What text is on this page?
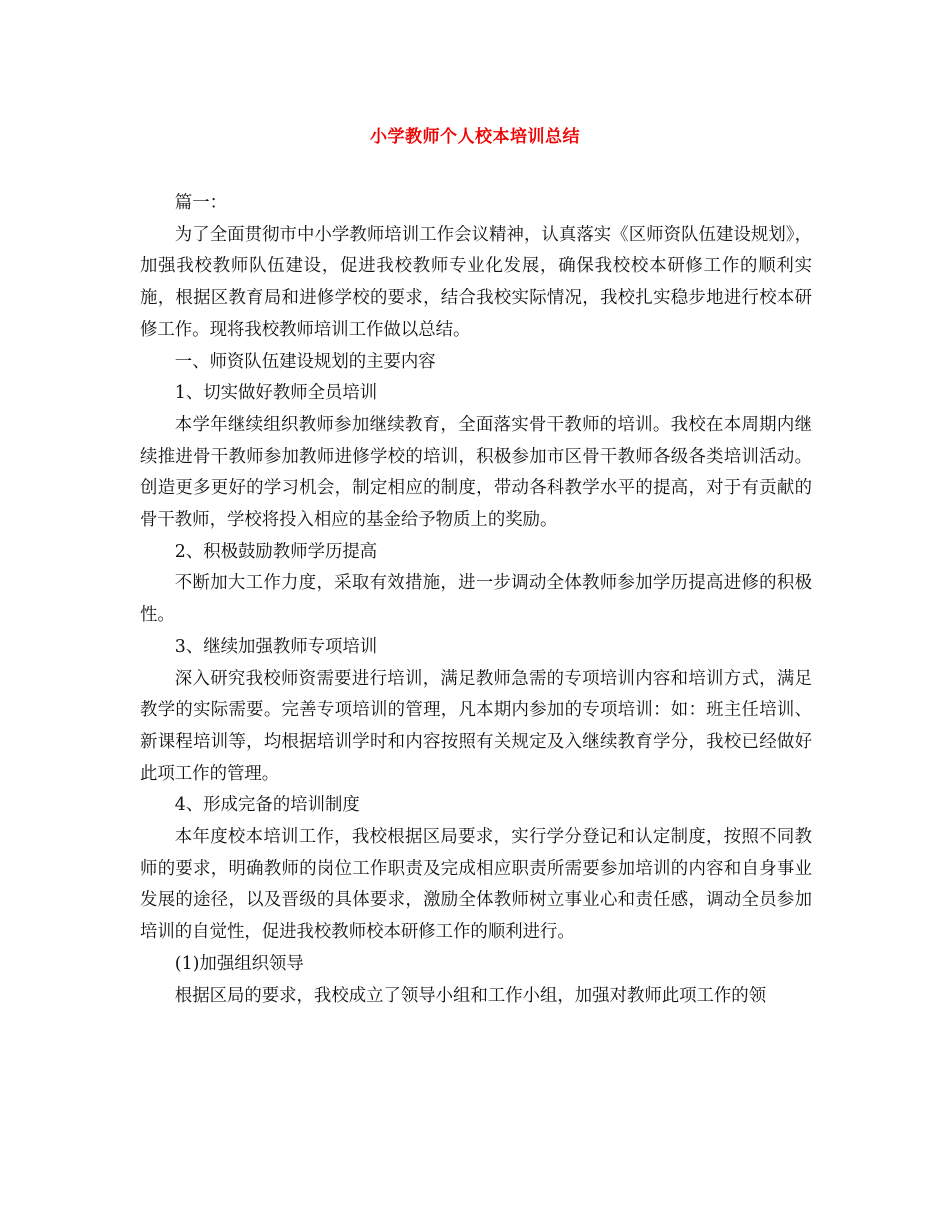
小学教师个人校本培训总结

篇一：

为了全面贯彻市中小学教师培训工作会议精神，认真落实《区师资队伍建设规划》，加强我校教师队伍建设，促进我校教师专业化发展，确保我校校本研修工作的顺利实施，根据区教育局和进修学校的要求，结合我校实际情况，我校扎实稳步地进行校本研修工作。现将我校教师培训工作做以总结。

一、师资队伍建设规划的主要内容

1、切实做好教师全员培训

本学年继续组织教师参加继续教育，全面落实骨干教师的培训。我校在本周期内继续推进骨干教师参加教师进修学校的培训，积极参加市区骨干教师各级各类培训活动。创造更多更好的学习机会，制定相应的制度，带动各科教学水平的提高，对于有贡献的骨干教师，学校将投入相应的基金给予物质上的奖励。

2、积极鼓励教师学历提高

不断加大工作力度，采取有效措施，进一步调动全体教师参加学历提高进修的积极性。

3、继续加强教师专项培训

深入研究我校师资需要进行培训，满足教师急需的专项培训内容和培训方式，满足教学的实际需要。完善专项培训的管理，凡本期内参加的专项培训：如：班主任培训、新课程培训等，均根据培训学时和内容按照有关规定及入继续教育学分，我校已经做好此项工作的管理。

4、形成完备的培训制度

本年度校本培训工作，我校根据区局要求，实行学分登记和认定制度，按照不同教师的要求，明确教师的岗位工作职责及完成相应职责所需要参加培训的内容和自身事业发展的途径，以及晋级的具体要求，激励全体教师树立事业心和责任感，调动全员参加培训的自觉性，促进我校教师校本研修工作的顺利进行。

(1)加强组织领导

根据区局的要求，我校成立了领导小组和工作小组，加强对教师此项工作的领
